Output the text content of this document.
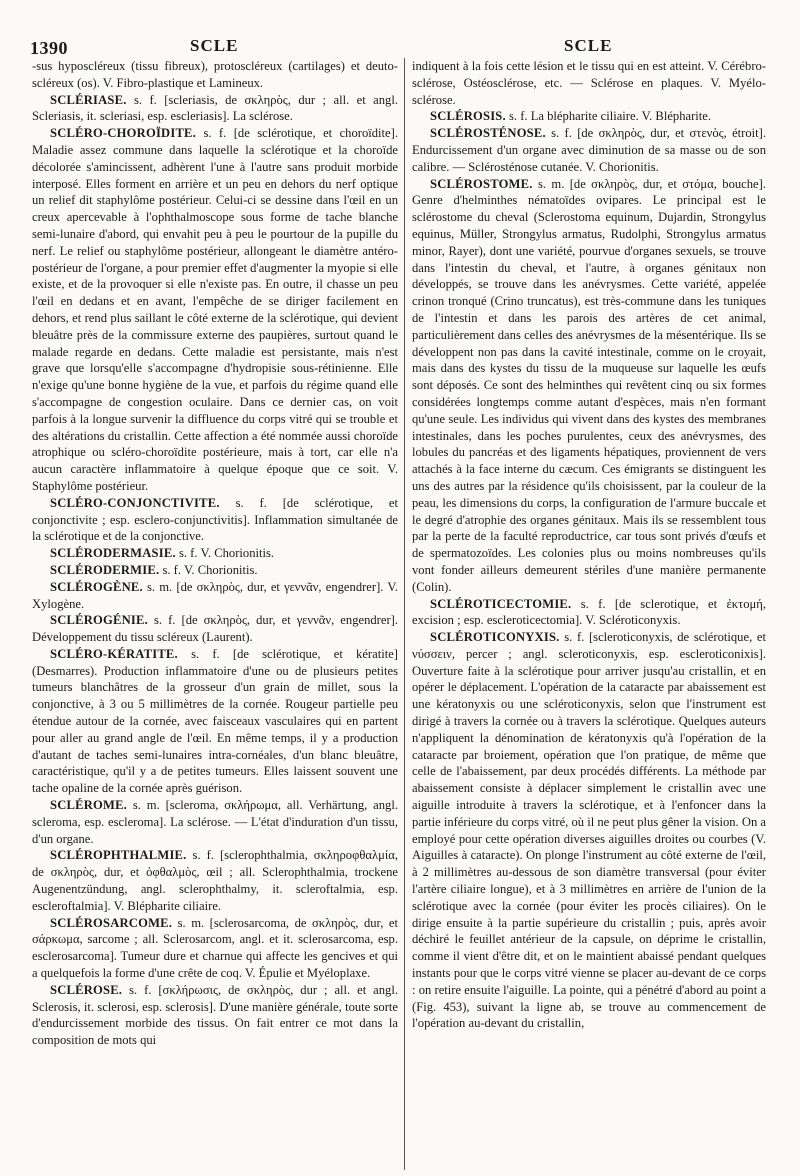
1390	SCLE	SCLE

-sus hyposcléreux (tissu fibreux), protoscléreux (cartilages) et deuto-scléreux (os). V. Fibro-plastique et Lamineux.

SCLÉRIASE. s. f. [scleriasis, de σκληρὸς, dur ; all. et angl. Scleriasis, it. scleriasi, esp. escleriasis]. La sclérose.

SCLÉRO-CHOROÏDITE. s. f. [de sclérotique, et choroïdite]. Maladie assez commune dans laquelle la sclérotique et la choroïde décolorée s'amincissent, adhèrent l'une à l'autre sans produit morbide interposé. Elles forment en arrière et un peu en dehors du nerf optique un relief dit staphylôme postérieur. Celui-ci se dessine dans l'œil en un creux apercevable à l'ophthalmoscope sous forme de tache blanche semi-lunaire d'abord, qui envahit peu à peu le pourtour de la pupille du nerf. Le relief ou staphylôme postérieur, allongeant le diamètre antéro-postérieur de l'organe, a pour premier effet d'augmenter la myopie si elle existe, et de la provoquer si elle n'existe pas. En outre, il chasse un peu l'œil en dedans et en avant, l'empêche de se diriger facilement en dehors, et rend plus saillant le côté externe de la sclérotique, qui devient bleuâtre près de la commissure externe des paupières, surtout quand le malade regarde en dedans. Cette maladie est persistante, mais n'est grave que lorsqu'elle s'accompagne d'hydropisie sous-rétinienne. Elle n'exige qu'une bonne hygiène de la vue, et parfois du régime quand elle s'accompagne de congestion oculaire. Dans ce dernier cas, on voit parfois à la longue survenir la diffluence du corps vitré qui se trouble et des altérations du cristallin. Cette affection a été nommée aussi choroïde atrophique ou scléro-choroïdite postérieure, mais à tort, car elle n'a aucun caractère inflammatoire à quelque époque que ce soit. V. Staphylôme postérieur.

SCLÉRO-CONJONCTIVITE. s. f. [de sclérotique, et conjonctivite ; esp. esclero-conjunctivitis]. Inflammation simultanée de la sclérotique et de la conjonctive.

SCLÉRODERMASIE. s. f. V. Chorionitis.

SCLÉRODERMIE. s. f. V. Chorionitis.

SCLÉROGÈNE. s. m. [de σκληρὸς, dur, et γεννᾶν, engendrer]. V. Xylogène.

SCLÉROGÉNIE. s. f. [de σκληρὸς, dur, et γεννᾶν, engendrer]. Développement du tissu scléreux (Laurent).

SCLÉRO-KÉRATITE. s. f. [de sclérotique, et kératite] (Desmarres). Production inflammatoire d'une ou de plusieurs petites tumeurs blanchâtres de la grosseur d'un grain de millet, sous la conjonctive, à 3 ou 5 millimètres de la cornée. Rougeur partielle peu étendue autour de la cornée, avec faisceaux vasculaires qui en partent pour aller au grand angle de l'œil. En même temps, il y a production d'autant de taches semi-lunaires intra-cornéales, d'un blanc bleuâtre, caractéristique, qu'il y a de petites tumeurs. Elles laissent souvent une tache opaline de la cornée après guérison.

SCLÉROME. s. m. [scleroma, σκλήρωμα, all. Verhärtung, angl. scleroma, esp. escleroma]. La sclérose. — L'état d'induration d'un tissu, d'un organe.

SCLÉROPHTHALMIE. s. f. [sclerophthalmia, σκληροφθαλμία, de σκληρὸς, dur, et ὀφθαλμὸς, œil ; all. Sclerophthalmia, trockene Augenentzündung, angl. sclerophthalmy, it. scleroftalmia, esp. escleroftalmia]. V. Blépharite ciliaire.

SCLÉROSARCOME. s. m. [sclerosarcoma, de σκληρὸς, dur, et σάρκωμα, sarcome ; all. Sclerosarcom, angl. et it. sclerosarcoma, esp. esclerosarcoma]. Tumeur dure et charnue qui affecte les gencives et qui a quelquefois la forme d'une crête de coq. V. Épulie et Myéloplaxe.

SCLÉROSE. s. f. [σκλήρωσις, de σκληρὸς, dur ; all. et angl. Sclerosis, it. sclerosi, esp. sclerosis]. D'une manière générale, toute sorte d'endurcissement morbide des tissus. On fait entrer ce mot dans la composition de mots qui

indiquent à la fois cette lésion et le tissu qui en est atteint. V. Cérébro-sclérose, Ostéosclérose, etc. — Sclérose en plaques. V. Myélo-sclérose.

SCLÉROSIS. s. f. La blépharite ciliaire. V. Blépharite.

SCLÉROSTÉNOSE. s. f. [de σκληρὸς, dur, et στενὸς, étroit]. Endurcissement d'un organe avec diminution de sa masse ou de son calibre. — Sclérosténose cutanée. V. Chorionitis.

SCLÉROSTOME. s. m. [de σκληρὸς, dur, et στόμα, bouche]. Genre d'helminthes nématoïdes ovipares. Le principal est le sclérostome du cheval (Sclerostoma equinum, Dujardin, Strongylus equinus, Müller, Strongylus armatus, Rudolphi, Strongylus armatus minor, Rayer), dont une variété, pourvue d'organes sexuels, se trouve dans l'intestin du cheval, et l'autre, à organes génitaux non développés, se trouve dans les anévrysmes. Cette variété, appelée crinon tronqué (Crino truncatus), est très-commune dans les tuniques de l'intestin et dans les parois des artères de cet animal, particulièrement dans celles des anévrysmes de la mésentérique. Ils se développent non pas dans la cavité intestinale, comme on le croyait, mais dans des kystes du tissu de la muqueuse sur laquelle les œufs sont déposés. Ce sont des helminthes qui revêtent cinq ou six formes considérées longtemps comme autant d'espèces, mais n'en formant qu'une seule. Les individus qui vivent dans des kystes des membranes intestinales, dans les poches purulentes, ceux des anévrysmes, des lobules du pancréas et des ligaments hépatiques, proviennent de vers attachés à la face interne du cæcum. Ces émigrants se distinguent les uns des autres par la résidence qu'ils choisissent, par la couleur de la peau, les dimensions du corps, la configuration de l'armure buccale et le degré d'atrophie des organes génitaux. Mais ils se ressemblent tous par la perte de la faculté reproductrice, car tous sont privés d'œufs et de spermatozoïdes. Les colonies plus ou moins nombreuses qu'ils vont fonder ailleurs demeurent stériles d'une manière permanente (Colin).

SCLÉROTICECTOMIE. s. f. [de sclerotique, et ἐκτομή, excision ; esp. escleroticectomia]. V. Scléroticonyxis.

SCLÉROTICONYXIS. s. f. [scleroticonyxis, de sclérotique, et νύσσειν, percer ; angl. scleroticonyxis, esp. escleroticonixis]. Ouverture faite à la sclérotique pour arriver jusqu'au cristallin, et en opérer le déplacement. L'opération de la cataracte par abaissement est une kératonyxis ou une scléroticonyxis, selon que l'instrument est dirigé à travers la cornée ou à travers la sclérotique. Quelques auteurs n'appliquent la dénomination de kératonyxis qu'à l'opération de la cataracte par broiement, opération que l'on pratique, de même que celle de l'abaissement, par deux procédés différents. La méthode par abaissement consiste à déplacer simplement le cristallin avec une aiguille introduite à travers la sclérotique, et à l'enfoncer dans la partie inférieure du corps vitré, où il ne peut plus gêner la vision. On a employé pour cette opération diverses aiguilles droites ou courbes (V. Aiguilles à cataracte). On plonge l'instrument au côté externe de l'œil, à 2 millimètres au-dessous de son diamètre transversal (pour éviter l'artère ciliaire longue), et à 3 millimètres en arrière de l'union de la sclérotique avec la cornée (pour éviter les procès ciliaires). On le dirige ensuite à la partie supérieure du cristallin ; puis, après avoir déchiré le feuillet antérieur de la capsule, on déprime le cristallin, comme il vient d'être dit, et on le maintient abaissé pendant quelques instants pour que le corps vitré vienne se placer au-devant de ce corps : on retire ensuite l'aiguille. La pointe, qui a pénétré d'abord au point a (Fig. 453), suivant la ligne ab, se trouve au commencement de l'opération au-devant du cristallin,
